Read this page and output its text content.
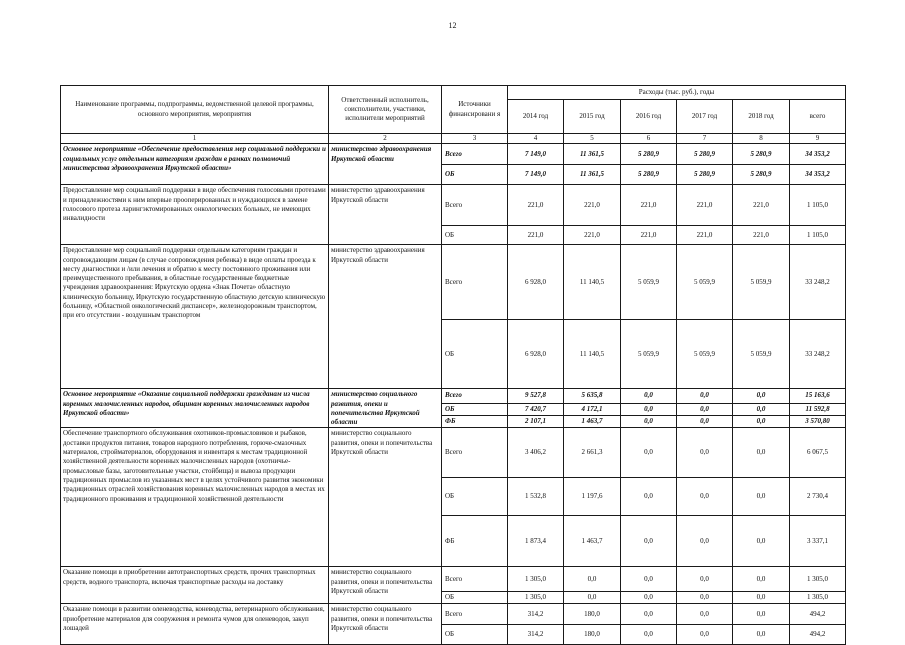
12
Наименование программы, подпрограммы, ведомственной целевой программы, основного мероприятия, мероприятия	Ответственный исполнитель, соисполнители, участники, исполнители мероприятий	Источники финансировани я	Расходы (тыс. руб.), годы					
			2014 год	2015 год	2016 год	2017 год	2018 год	всего
1	2	3	4	5	6	7	8	9
Основное мероприятие «Обеспечение предоставления мер социальной поддержки и социальных услуг отдельным категориям граждан в рамках полномочий министерства здравоохранения Иркутской области»	министерство здравоохранения Иркутской области	Всего	7 149,0	11 361,5	5 280,9	5 280,9	5 280,9	34 353,2
		ОБ	7 149,0	11 361,5	5 280,9	5 280,9	5 280,9	34 353,2
Предоставление мер социальной поддержки в виде обеспечения голосовыми протезами и принадлежностями к ним впервые прооперированных и нуждающихся в замене голосового протеза ларингэктомированных онкологических больных, не имеющих инвалидности	министерство здравоохранения Иркутской области	Всего	221,0	221,0	221,0	221,0	221,0	1 105,0
		ОБ	221,0	221,0	221,0	221,0	221,0	1 105,0
Предоставление мер социальной поддержки отдельным категориям граждан и сопровождающим лицам (в случае сопровождения ребенка) в виде оплаты проезда к месту диагностики и /или лечения и обратно к месту постоянного проживания или преимущественного пребывания, в областные государственные бюджетные учреждения здравоохранения: Иркутскую ордена «Знак Почета» областную клиническую больницу, Иркутскую государственную областную детскую клиническую больницу, «Областной онкологический диспансер», железнодорожным транспортом, при его отсутствии - воздушным транспортом	министерство здравоохранения Иркутской области	Всего	6 928,0	11 140,5	5 059,9	5 059,9	5 059,9	33 248,2
		ОБ	6 928,0	11 140,5	5 059,9	5 059,9	5 059,9	33 248,2
Основное мероприятие «Оказание социальной поддержки гражданам из числа коренных малочисленных народов, общинам коренных малочисленных народов Иркутской области»	министерство социального развития, опеки и попечительства Иркутской области	Всего	9 527,8	5 635,8	0,0	0,0	0,0	15 163,6
		ОБ	7 420,7	4 172,1	0,0	0,0	0,0	11 592,8
		ФБ	2 107,1	1 463,7	0,0	0,0	0,0	3 570,80
Обеспечение транспортного обслуживания охотников-промысловиков и рыбаков, доставки продуктов питания, товаров народного потребления, горюче-смазочных материалов, стройматериалов, оборудования и инвентаря к местам традиционной хозяйственной деятельности коренных малочисленных народов (охотничье-промысловые базы, заготовительные участки, стойбища) и вывоза продукции традиционных промыслов из указанных мест в целях устойчивого развития экономики традиционных отраслей хозяйствования коренных малочисленных народов в местах их традиционного проживания и традиционной хозяйственной деятельности	министерство социального развития, опеки и попечительства Иркутской области	Всего	3 406,2	2 661,3	0,0	0,0	0,0	6 067,5
		ОБ	1 532,8	1 197,6	0,0	0,0	0,0	2 730,4
		ФБ	1 873,4	1 463,7	0,0	0,0	0,0	3 337,1
Оказание помощи в приобретении автотранспортных средств, прочих транспортных средств, водного транспорта, включая транспортные расходы на доставку	министерство социального развития, опеки и попечительства Иркутской области	Всего	1 305,0	0,0	0,0	0,0	0,0	1 305,0
		ОБ	1 305,0	0,0	0,0	0,0	0,0	1 305,0
Оказание помощи в развитии оленеводства, коневодства, ветеринарного обслуживания, приобретение материалов для сооружения и ремонта чумов для оленеводов, закуп лошадей	министерство социального развития, опеки и попечительства Иркутской области	Всего	314,2	180,0	0,0	0,0	0,0	494,2
		ОБ	314,2	180,0	0,0	0,0	0,0	494,2
